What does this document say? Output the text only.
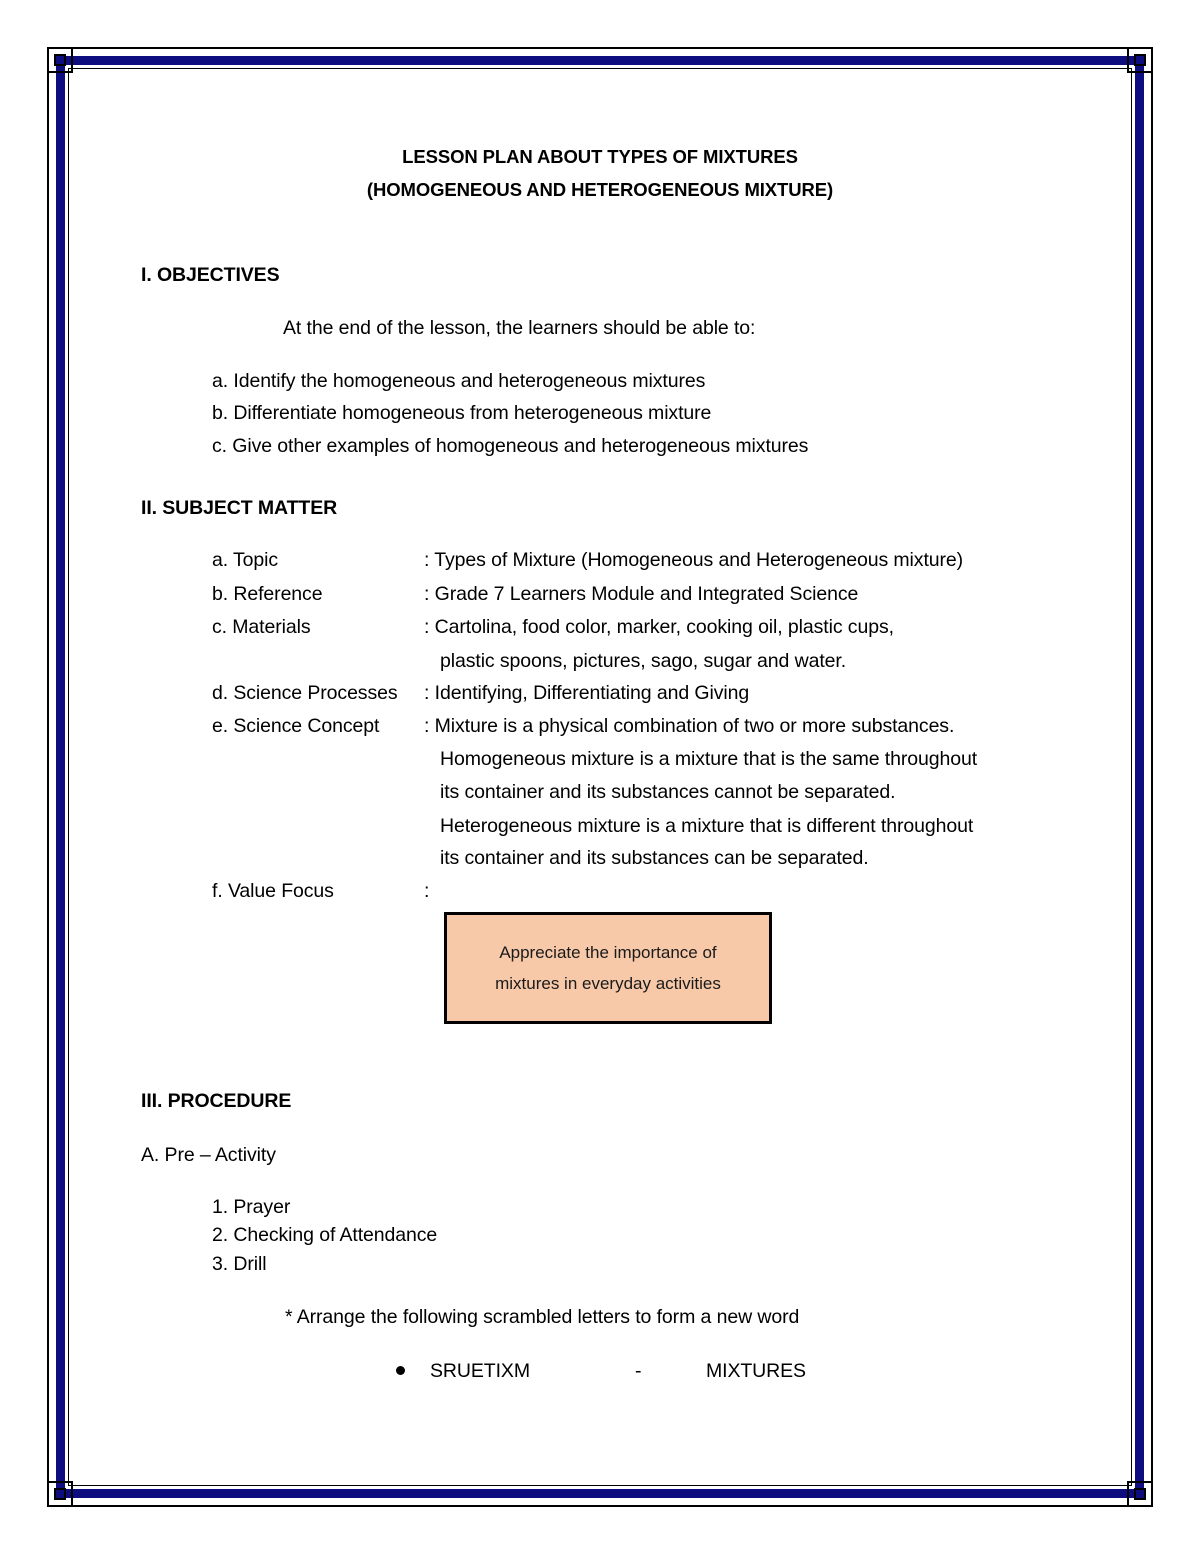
LESSON PLAN ABOUT TYPES OF MIXTURES
(HOMOGENEOUS AND HETEROGENEOUS MIXTURE)
I. OBJECTIVES
At the end of the lesson, the learners should be able to:
a. Identify the homogeneous and heterogeneous mixtures
b. Differentiate homogeneous from heterogeneous mixture
c. Give other examples of homogeneous and heterogeneous mixtures
II. SUBJECT MATTER
a. Topic	: Types of Mixture (Homogeneous and Heterogeneous mixture)
b. Reference	: Grade 7 Learners Module and Integrated Science
c. Materials	: Cartolina, food color, marker, cooking oil, plastic cups,
plastic spoons, pictures, sago, sugar and water.
d. Science Processes : Identifying, Differentiating and Giving
e. Science Concept : Mixture is a physical combination of two or more substances.
Homogeneous mixture is a mixture that is the same throughout
its container and its substances cannot be separated.
Heterogeneous mixture is a mixture that is different throughout
its container and its substances can be separated.
f. Value Focus	:
Appreciate the importance of
mixtures in everyday activities
III. PROCEDURE
A. Pre – Activity
1. Prayer
2. Checking of Attendance
3. Drill
* Arrange the following scrambled letters to form a new word
SRUETIXM	-	MIXTURES
